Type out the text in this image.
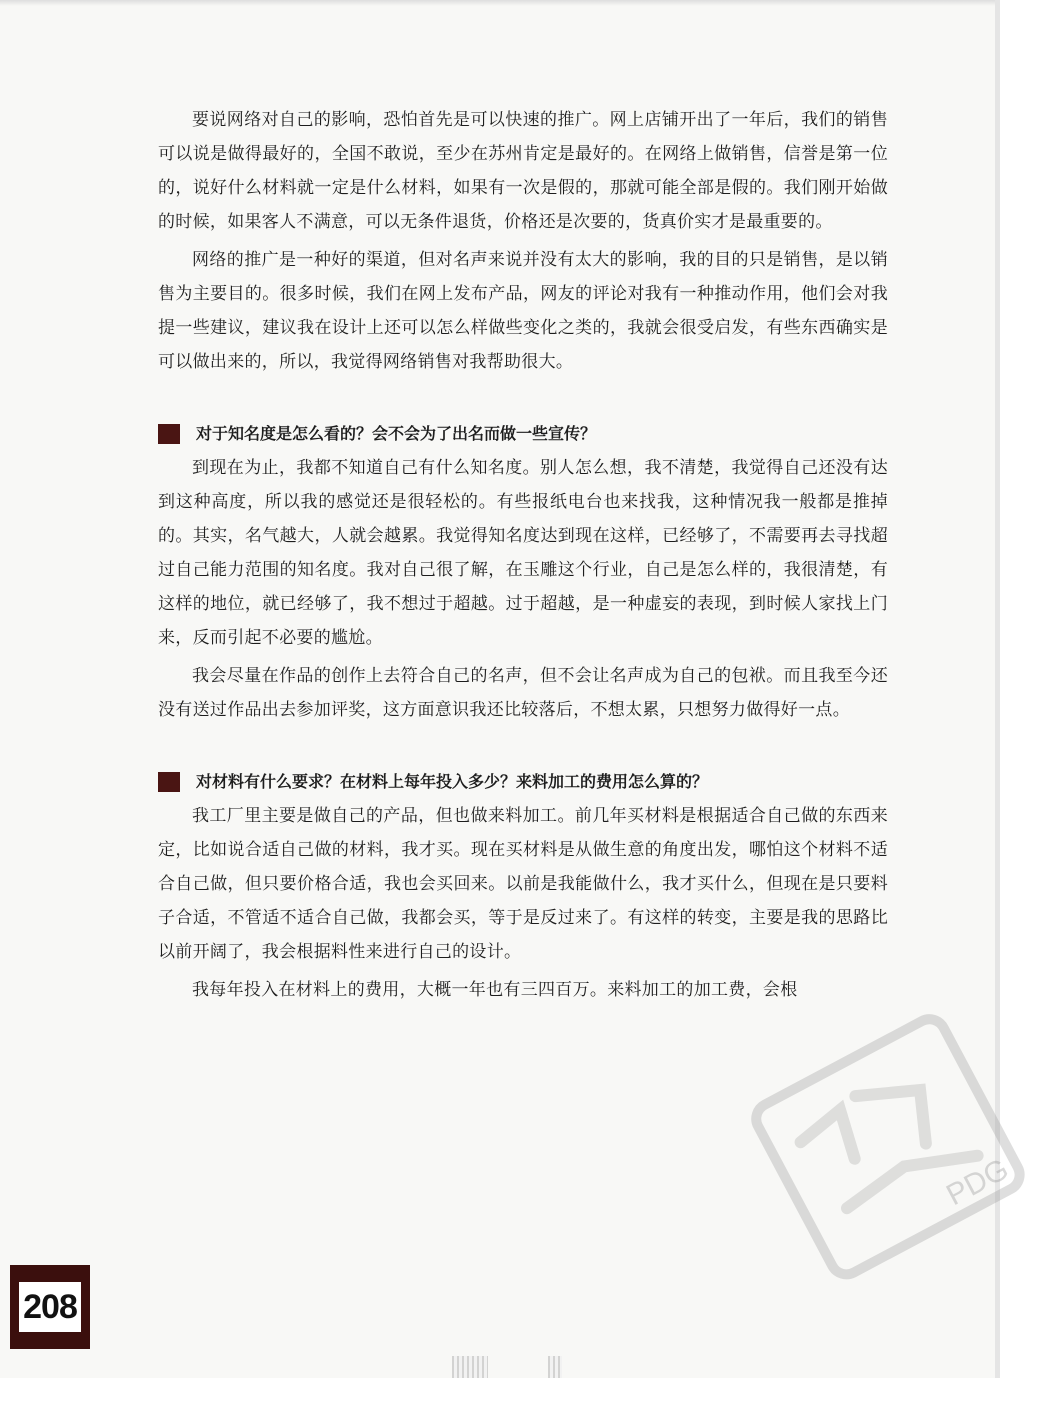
要说网络对自己的影响，恐怕首先是可以快速的推广。网上店铺开出了一年后，我们的销售可以说是做得最好的，全国不敢说，至少在苏州肯定是最好的。在网络上做销售，信誉是第一位的，说好什么材料就一定是什么材料，如果有一次是假的，那就可能全部是假的。我们刚开始做的时候，如果客人不满意，可以无条件退货，价格还是次要的，货真价实才是最重要的。

网络的推广是一种好的渠道，但对名声来说并没有太大的影响，我的目的只是销售，是以销售为主要目的。很多时候，我们在网上发布产品，网友的评论对我有一种推动作用，他们会对我提一些建议，建议我在设计上还可以怎么样做些变化之类的，我就会很受启发，有些东西确实是可以做出来的，所以，我觉得网络销售对我帮助很大。

对于知名度是怎么看的？会不会为了出名而做一些宣传？

到现在为止，我都不知道自己有什么知名度。别人怎么想，我不清楚，我觉得自己还没有达到这种高度，所以我的感觉还是很轻松的。有些报纸电台也来找我，这种情况我一般都是推掉的。其实，名气越大，人就会越累。我觉得知名度达到现在这样，已经够了，不需要再去寻找超过自己能力范围的知名度。我对自己很了解，在玉雕这个行业，自己是怎么样的，我很清楚，有这样的地位，就已经够了，我不想过于超越。过于超越，是一种虚妄的表现，到时候人家找上门来，反而引起不必要的尴尬。

我会尽量在作品的创作上去符合自己的名声，但不会让名声成为自己的包袱。而且我至今还没有送过作品出去参加评奖，这方面意识我还比较落后，不想太累，只想努力做得好一点。

对材料有什么要求？在材料上每年投入多少？来料加工的费用怎么算的？

我工厂里主要是做自己的产品，但也做来料加工。前几年买材料是根据适合自己做的东西来定，比如说合适自己做的材料，我才买。现在买材料是从做生意的角度出发，哪怕这个材料不适合自己做，但只要价格合适，我也会买回来。以前是我能做什么，我才买什么，但现在是只要料子合适，不管适不适合自己做，我都会买，等于是反过来了。有这样的转变，主要是我的思路比以前开阔了，我会根据料性来进行自己的设计。

我每年投入在材料上的费用，大概一年也有三四百万。来料加工的加工费，会根

PDG
208
